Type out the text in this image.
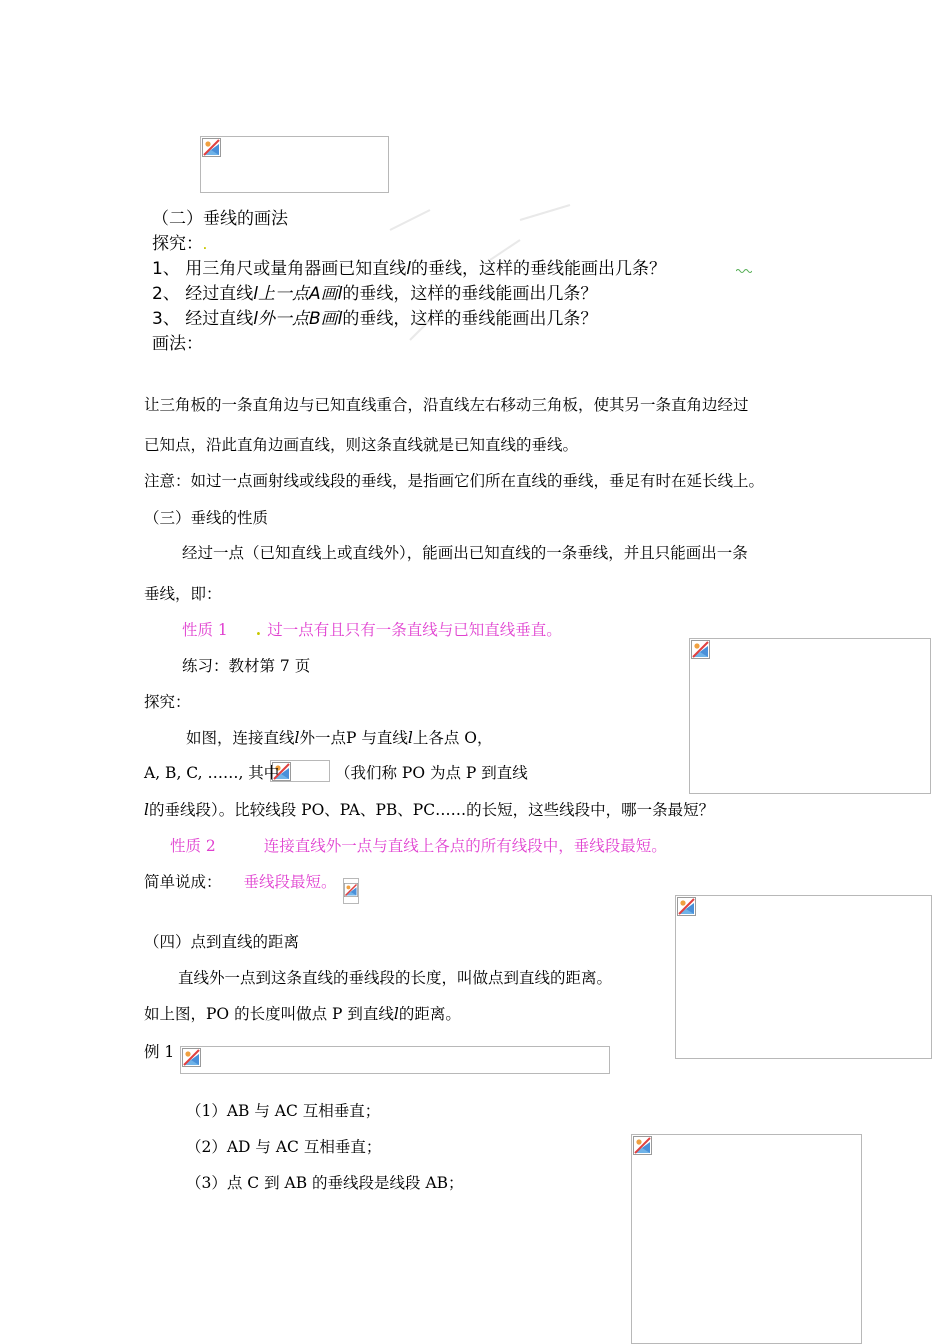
（二）垂线的画法
探究：.
1、 用三角尺或量角器画已知直线l的垂线，这样的垂线能画出几条？
2、 经过直线l上一点A画l的垂线，这样的垂线能画出几条？
3、 经过直线l外一点B画l的垂线，这样的垂线能画出几条？
画法：
让三角板的一条直角边与已知直线重合，沿直线左右移动三角板，使其另一条直角边经过
已知点，沿此直角边画直线，则这条直线就是已知直线的垂线。
注意：如过一点画射线或线段的垂线，是指画它们所在直线的垂线，垂足有时在延长线上。
（三）垂线的性质
经过一点（已知直线上或直线外），能画出已知直线的一条垂线，并且只能画出一条
垂线，即：
性质 1 . 过一点有且只有一条直线与已知直线垂直。
练习：教材第 7 页
探究：
如图，连接直线l外一点P 与直线l上各点 O，
A, B, C, ……, 其中	（我们称 PO 为点 P 到直线
l的垂线段）。比较线段 PO、PA、PB、PC……的长短，这些线段中，哪一条最短？
性质 2	连接直线外一点与直线上各点的所有线段中，垂线段最短。
简单说成： 垂线段最短。
（四）点到直线的距离
直线外一点到这条直线的垂线段的长度，叫做点到直线的距离。
如上图，PO 的长度叫做点 P 到直线l的距离。
例 1
（1）AB 与 AC 互相垂直；
（2）AD 与 AC 互相垂直；
（3）点 C 到 AB 的垂线段是线段 AB；
